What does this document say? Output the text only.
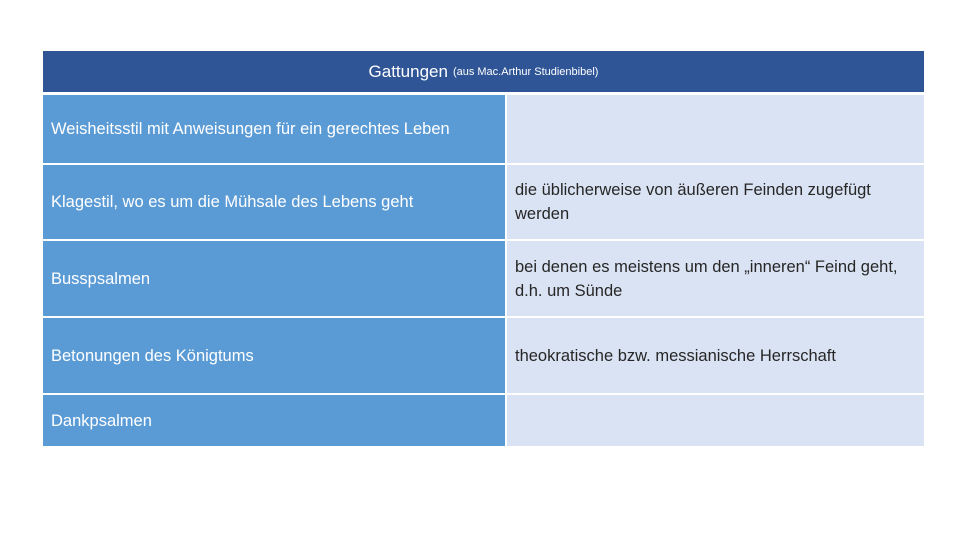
Gattungen (aus Mac.Arthur Studienbibel)
Weisheitsstil mit Anweisungen für ein gerechtes Leben
Klagestil, wo es um die Mühsale des Lebens geht
die üblicherweise von äußeren Feinden zugefügt werden
Busspsalmen
bei denen es meistens um den „inneren“ Feind geht, d.h. um Sünde
Betonungen des Königtums	theokratische bzw. messianische Herrschaft
Dankpsalmen
